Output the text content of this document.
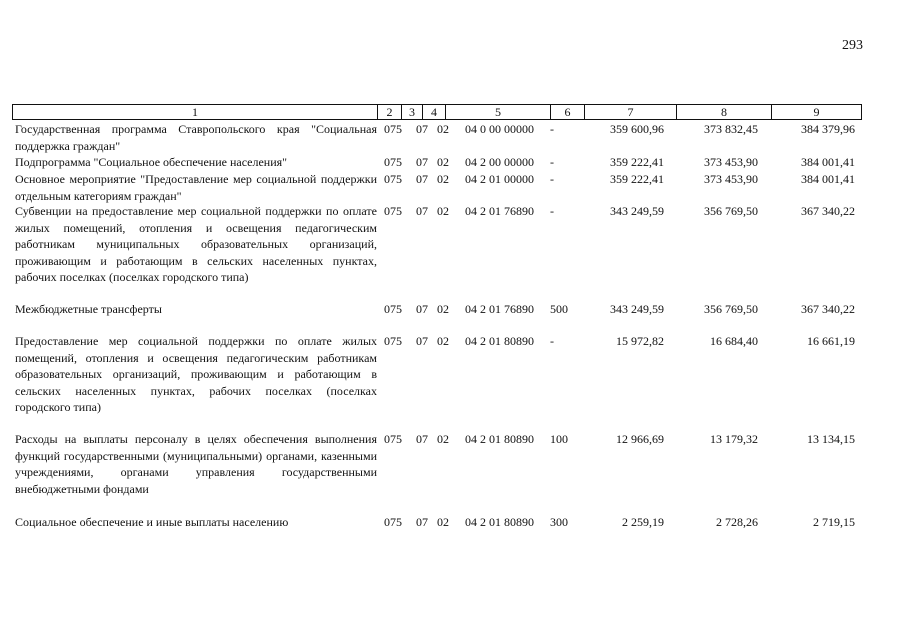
293
1	2	3	4	5	6	7	8	9
Государственная программа Ставропольского края "Социальная поддержка граждан"
075 07 02 04 0 00 00000 -	359 600,96	373 832,45	384 379,96
Подпрограмма "Социальное обеспечение населения"	075 07 02 04 2 00 00000 -	359 222,41	373 453,90	384 001,41
Основное мероприятие "Предоставление мер социальной поддержки отдельным категориям граждан"
075 07 02 04 2 01 00000 -	359 222,41	373 453,90	384 001,41
Субвенции на предоставление мер социальной поддержки по оплате жилых помещений, отопления и освещения педагогическим работникам муниципальных образовательных организаций, проживающим и работающим в сельских населенных пунктах, рабочих поселках (поселках городского типа)
075 07 02 04 2 01 76890 -	343 249,59	356 769,50	367 340,22
Межбюджетные трансферты	075 07 02 04 2 01 76890 500	343 249,59	356 769,50	367 340,22
Предоставление мер социальной поддержки по оплате жилых помещений, отопления и освещения педагогическим работникам образовательных организаций, проживающим и работающим в сельских населенных пунктах, рабочих поселках (поселках городского типа)
075 07 02 04 2 01 80890 -	15 972,82	16 684,40	16 661,19
Расходы на выплаты персоналу в целях обеспечения выполнения функций государственными (муниципальными) органами, казенными учреждениями, органами управления государственными внебюджетными фондами
075 07 02 04 2 01 80890 100	12 966,69	13 179,32	13 134,15
Социальное обеспечение и иные выплаты населению	075 07 02 04 2 01 80890 300	2 259,19	2 728,26	2 719,15
